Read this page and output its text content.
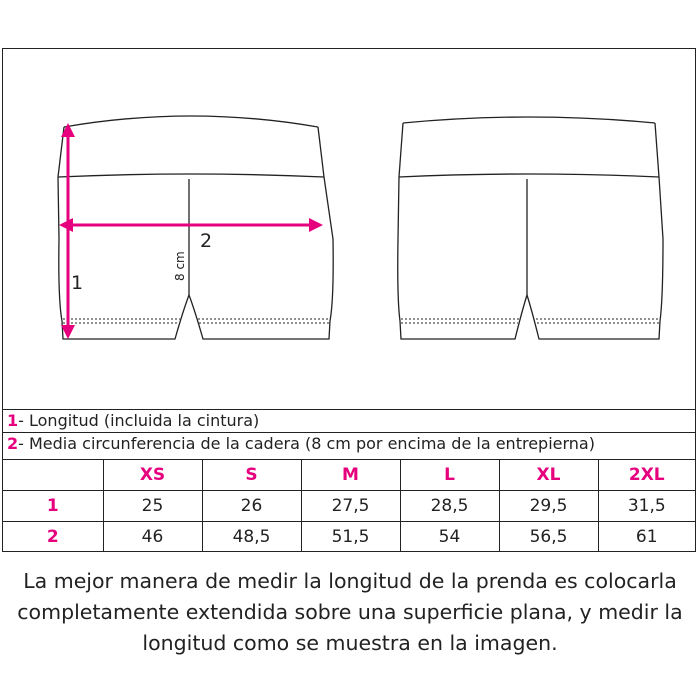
1
2
8 cm
1- Longitud (incluida la cintura)
2- Media circunferencia de la cadera (8 cm por encima de la entrepierna)
	XS	S	M	L	XL	2XL
1	25	26	27,5	28,5	29,5	31,5
2	46	48,5	51,5	54	56,5	61
La mejor manera de medir la longitud de la prenda es colocarla
completamente extendida sobre una superficie plana, y medir la
longitud como se muestra en la imagen.
